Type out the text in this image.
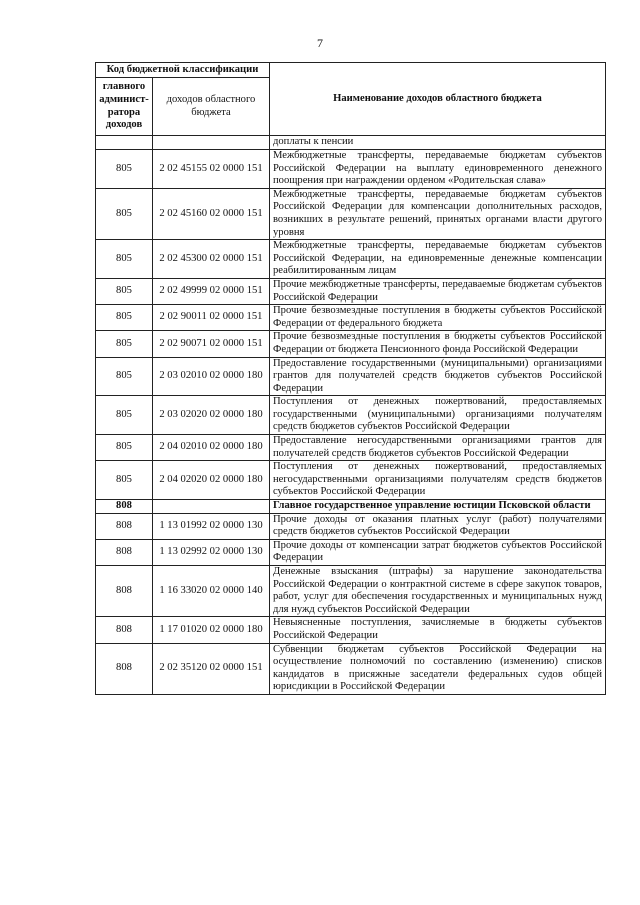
7
Код бюджетной классификации		Наименование доходов областного бюджета
главного админист-ратора доходов	доходов областного бюджета	
		доплаты к пенсии
805	2 02 45155 02 0000 151	Межбюджетные трансферты, передаваемые бюджетам субъектов Российской Федерации на выплату единовременного денежного поощрения при награждении орденом «Родительская слава»
805	2 02 45160 02 0000 151	Межбюджетные трансферты, передаваемые бюджетам субъектов Российской Федерации для компенсации дополнительных расходов, возникших в результате решений, принятых органами власти другого уровня
805	2 02 45300 02 0000 151	Межбюджетные трансферты, передаваемые бюджетам субъектов Российской Федерации, на единовременные денежные компенсации реабилитированным лицам
805	2 02 49999 02 0000 151	Прочие межбюджетные трансферты, передаваемые бюджетам субъектов Российской Федерации
805	2 02 90011 02 0000 151	Прочие безвозмездные поступления в бюджеты субъектов Российской Федерации от федерального бюджета
805	2 02 90071 02 0000 151	Прочие безвозмездные поступления в бюджеты субъектов Российской Федерации от бюджета Пенсионного фонда Российской Федерации
805	2 03 02010 02 0000 180	Предоставление государственными (муниципальными) организациями грантов для получателей средств бюджетов субъектов Российской Федерации
805	2 03 02020 02 0000 180	Поступления от денежных пожертвований, предоставляемых государственными (муниципальными) организациями получателям средств бюджетов субъектов Российской Федерации
805	2 04 02010 02 0000 180	Предоставление негосударственными организациями грантов для получателей средств бюджетов субъектов Российской Федерации
805	2 04 02020 02 0000 180	Поступления от денежных пожертвований, предоставляемых негосударственными организациями получателям средств бюджетов субъектов Российской Федерации
808		Главное государственное управление юстиции Псковской области
808	1 13 01992 02 0000 130	Прочие доходы от оказания платных услуг (работ) получателями средств бюджетов субъектов Российской Федерации
808	1 13 02992 02 0000 130	Прочие доходы от компенсации затрат бюджетов субъектов Российской Федерации
808	1 16 33020 02 0000 140	Денежные взыскания (штрафы) за нарушение законодательства Российской Федерации о контрактной системе в сфере закупок товаров, работ, услуг для обеспечения государственных и муниципальных нужд для нужд субъектов Российской Федерации
808	1 17 01020 02 0000 180	Невыясненные поступления, зачисляемые в бюджеты субъектов Российской Федерации
808	2 02 35120 02 0000 151	Субвенции бюджетам субъектов Российской Федерации на осуществление полномочий по составлению (изменению) списков кандидатов в присяжные заседатели федеральных судов общей юрисдикции в Российской Федерации
